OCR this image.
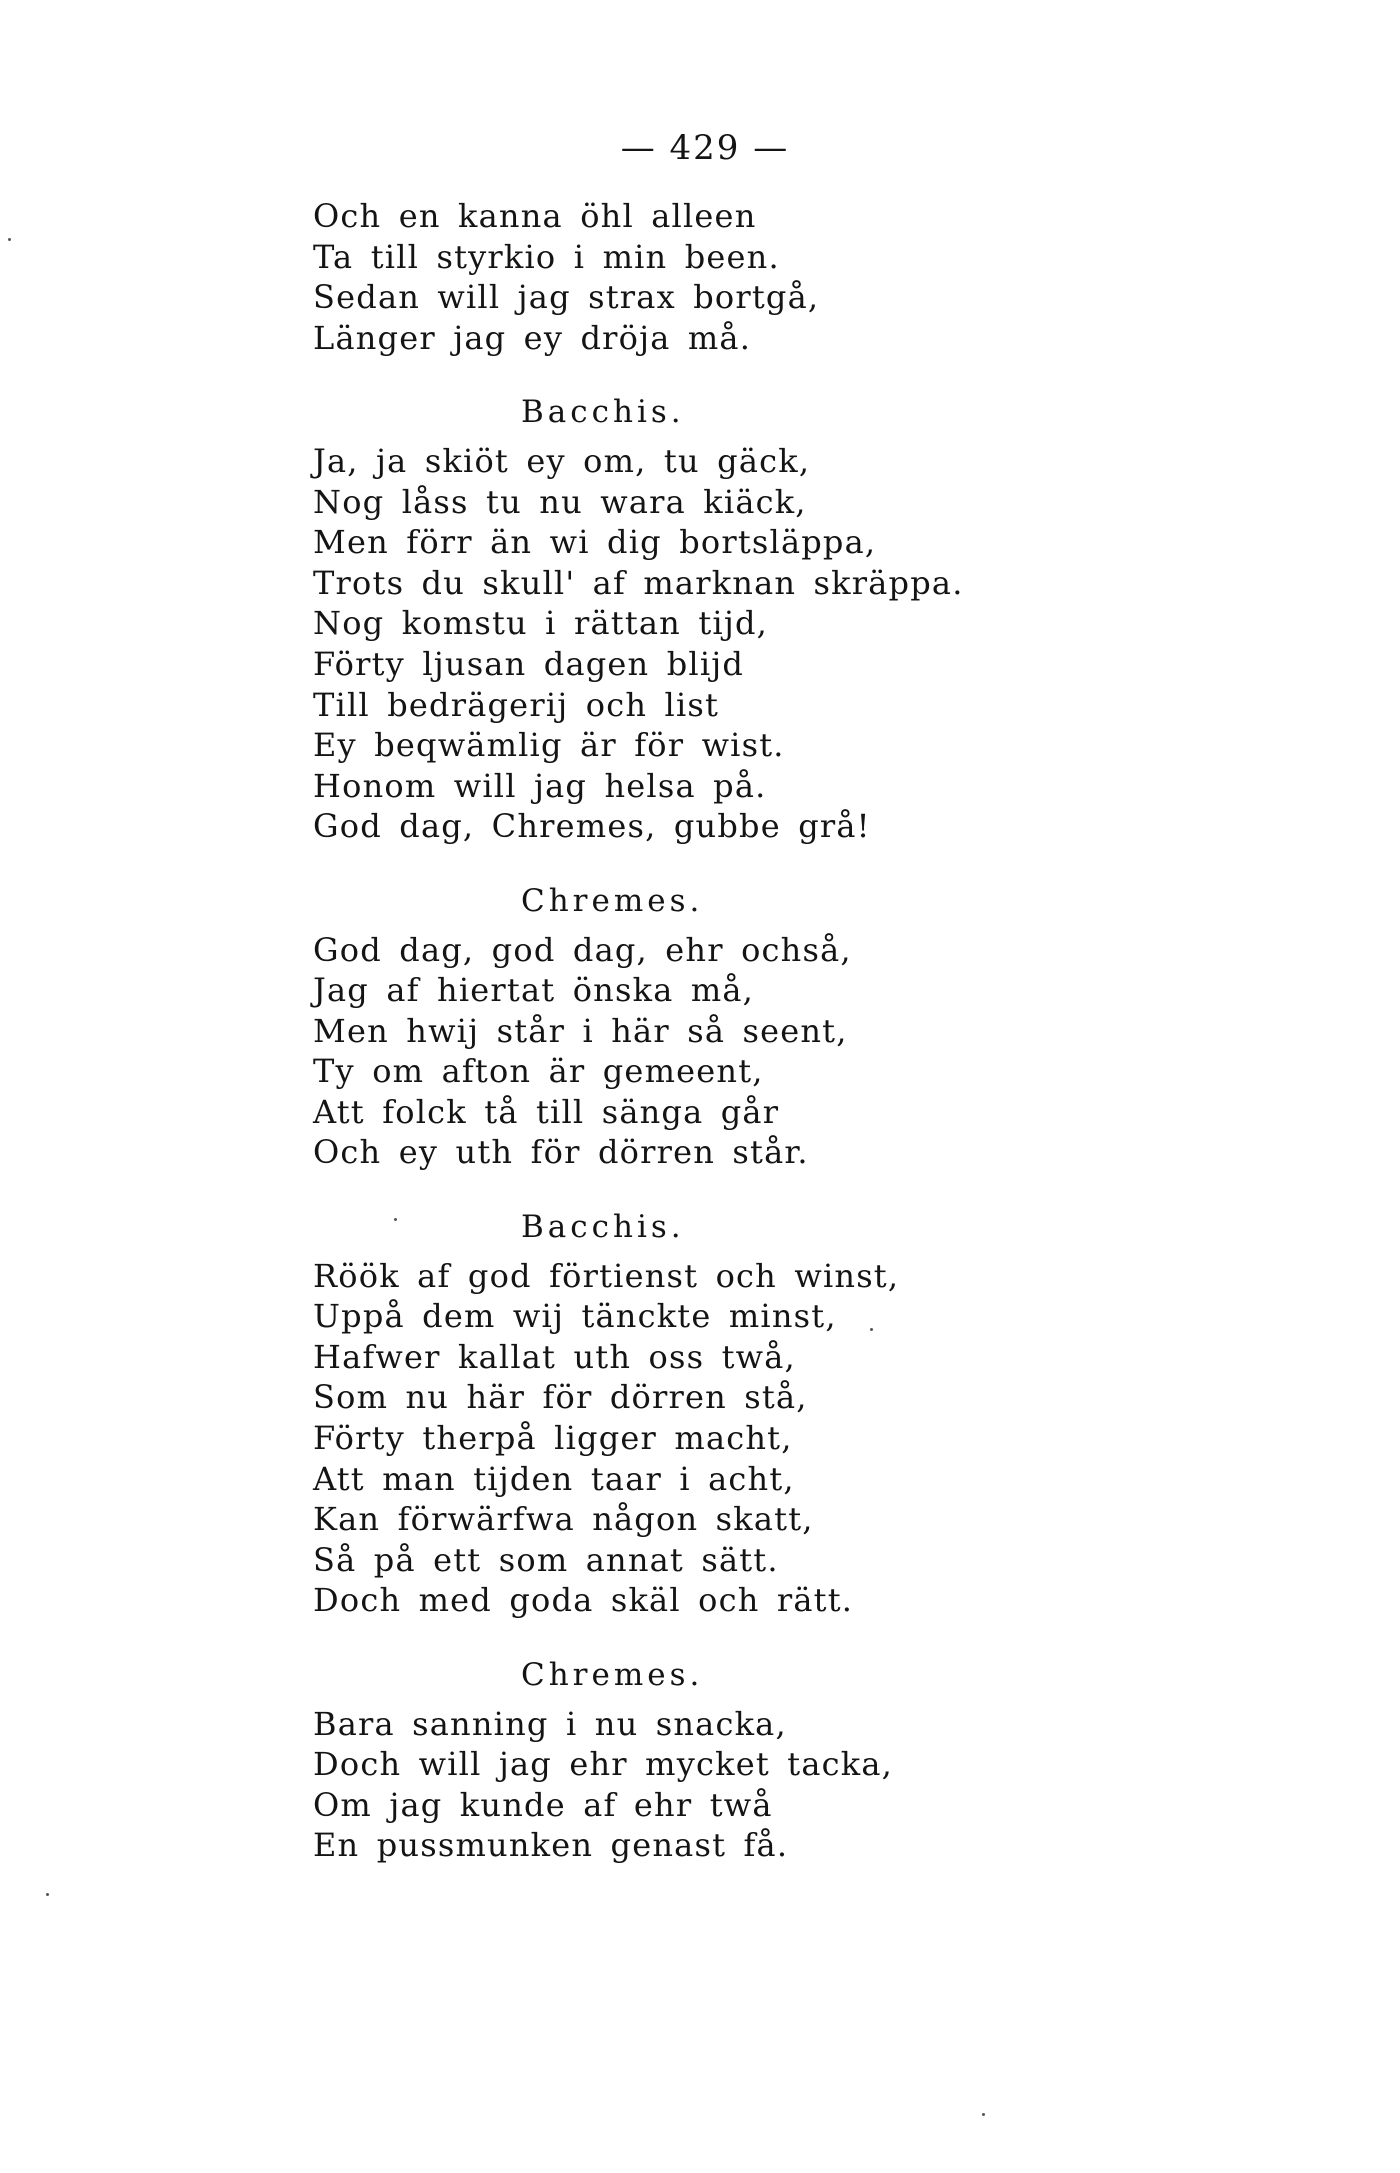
— 429 —
Och en kanna öhl alleen
Ta till styrkio i min been.
Sedan will jag strax bortgå,
Länger jag ey dröja må.
Bacchis.
Ja, ja skiöt ey om, tu gäck,
Nog låss tu nu wara kiäck,
Men förr än wi dig bortsläppa,
Trots du skull' af marknan skräppa.
Nog komstu i rättan tijd,
Förty ljusan dagen blijd
Till bedrägerij och list
Ey beqwämlig är för wist.
Honom will jag helsa på.
God dag, Chremes, gubbe grå!
Chremes.
God dag, god dag, ehr ochså,
Jag af hiertat önska må,
Men hwij står i här så seent,
Ty om afton är gemeent,
Att folck tå till sänga går
Och ey uth för dörren står.
Bacchis.
Röök af god förtienst och winst,
Uppå dem wij tänckte minst,
Hafwer kallat uth oss twå,
Som nu här för dörren stå,
Förty therpå ligger macht,
Att man tijden taar i acht,
Kan förwärfwa någon skatt,
Så på ett som annat sätt.
Doch med goda skäl och rätt.
Chremes.
Bara sanning i nu snacka,
Doch will jag ehr mycket tacka,
Om jag kunde af ehr twå
En pussmunken genast få.
